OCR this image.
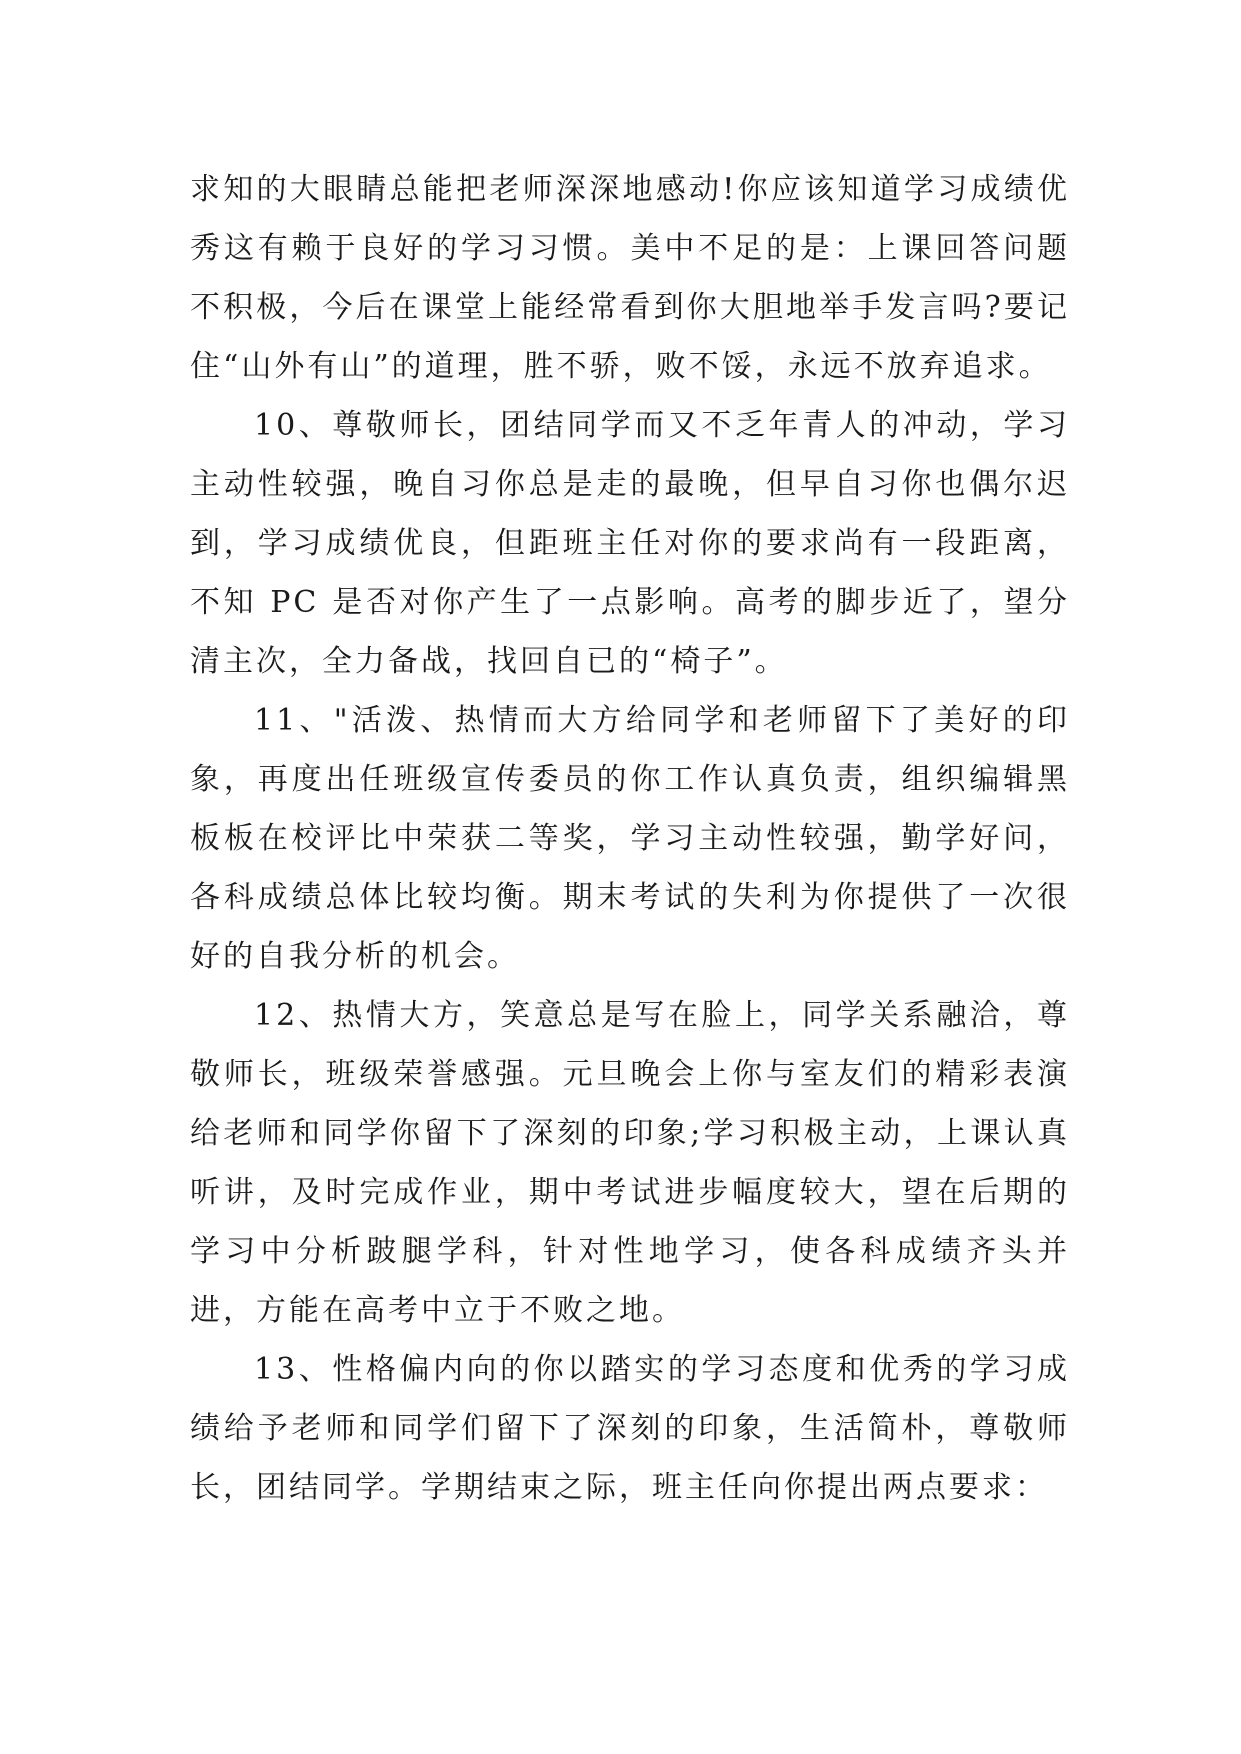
求知的大眼睛总能把老师深深地感动!你应该知道学习成绩优秀这有赖于良好的学习习惯。美中不足的是：上课回答问题不积极，今后在课堂上能经常看到你大胆地举手发言吗?要记住“山外有山”的道理，胜不骄，败不馁，永远不放弃追求。

10、尊敬师长，团结同学而又不乏年青人的冲动，学习主动性较强，晚自习你总是走的最晚，但早自习你也偶尔迟到，学习成绩优良，但距班主任对你的要求尚有一段距离，不知 PC 是否对你产生了一点影响。高考的脚步近了，望分清主次，全力备战，找回自已的“椅子”。

11、"活泼、热情而大方给同学和老师留下了美好的印象，再度出任班级宣传委员的你工作认真负责，组织编辑黑板板在校评比中荣获二等奖，学习主动性较强，勤学好问，各科成绩总体比较均衡。期末考试的失利为你提供了一次很好的自我分析的机会。

12、热情大方，笑意总是写在脸上，同学关系融洽，尊敬师长，班级荣誉感强。元旦晚会上你与室友们的精彩表演给老师和同学你留下了深刻的印象;学习积极主动，上课认真听讲，及时完成作业，期中考试进步幅度较大，望在后期的学习中分析跛腿学科，针对性地学习，使各科成绩齐头并进，方能在高考中立于不败之地。

13、性格偏内向的你以踏实的学习态度和优秀的学习成绩给予老师和同学们留下了深刻的印象，生活简朴，尊敬师长，团结同学。学期结束之际，班主任向你提出两点要求：
